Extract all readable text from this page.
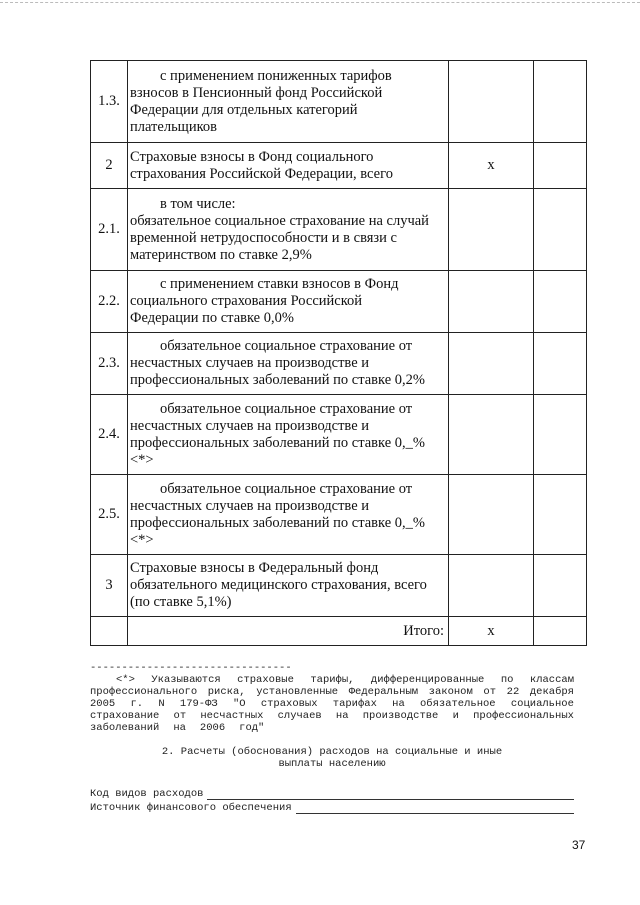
1.3.	с применением пониженных тарифов
взносов в Пенсионный фонд Российской
Федерации для отдельных категорий
плательщиков		

2	Страховые взносы в Фонд социального
страхования Российской Федерации, всего	x	
2.1.	в том числе:
обязательное социальное страхование на случай
временной нетрудоспособности и в связи с
материнством по ставке 2,9%		

2.2.	с применением ставки взносов в Фонд
социального страхования Российской
Федерации по ставке 0,0%		

2.3.	обязательное социальное страхование от
несчастных случаев на производстве и
профессиональных заболеваний по ставке 0,2%		

2.4.	обязательное социальное страхование от
несчастных случаев на производстве и
профессиональных заболеваний по ставке 0,_%
<*>		

2.5.	обязательное социальное страхование от
несчастных случаев на производстве и
профессиональных заболеваний по ставке 0,_%
<*>		

3	Страховые взносы в Федеральный фонд
обязательного медицинского страхования, всего
(по ставке 5,1%)		

	Итого:	x	
--------------------------------
<*> Указываются страховые тарифы, дифференцированные по классам
профессионального риска, установленные Федеральным законом от 22 декабря
2005 г. N 179-ФЗ "О страховых тарифах на обязательное социальное
страхование от несчастных случаев на производстве и профессиональных
заболеваний на 2006 год"
2. Расчеты (обоснования) расходов на социальные и иные
выплаты населению
Код видов расходов
Источник финансового обеспечения
37
